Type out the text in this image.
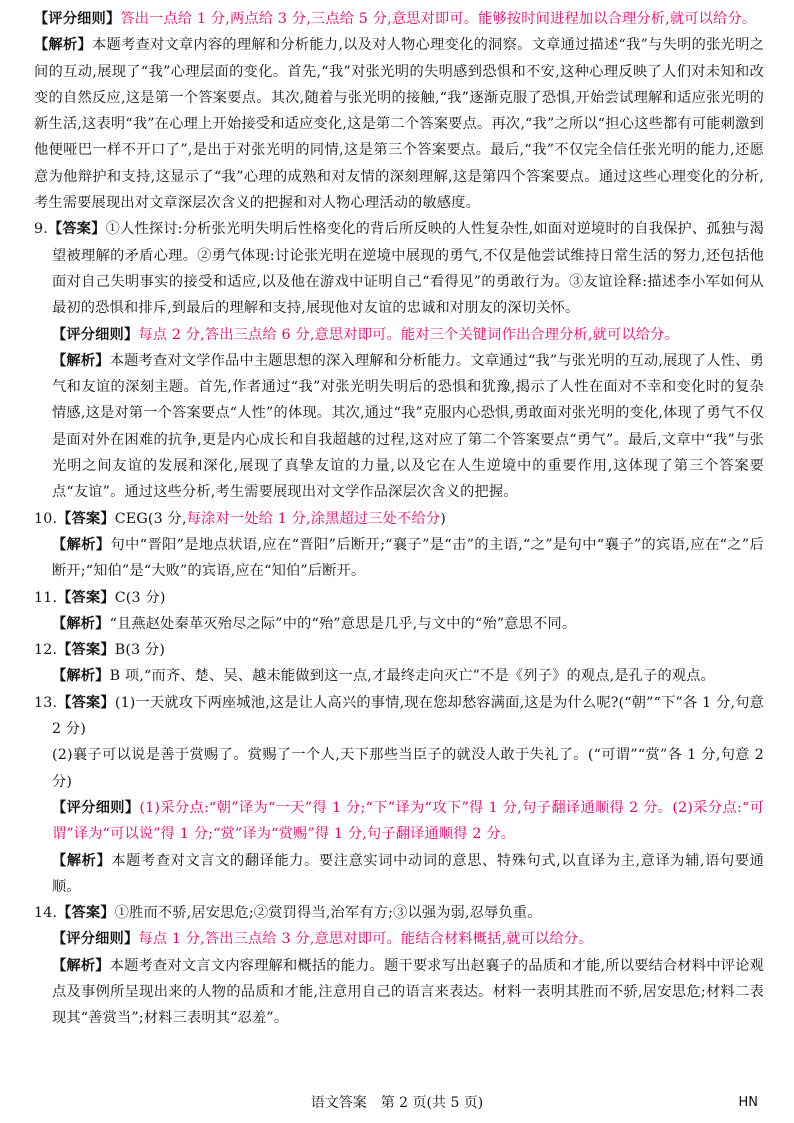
【评分细则】答出一点给 1 分,两点给 3 分,三点给 5 分,意思对即可。能够按时间进程加以合理分析,就可以给分。

【解析】本题考查对文章内容的理解和分析能力,以及对人物心理变化的洞察。文章通过描述“我”与失明的张光明之间的互动,展现了“我”心理层面的变化。首先,“我”对张光明的失明感到恐惧和不安,这种心理反映了人们对未知和改变的自然反应,这是第一个答案要点。其次,随着与张光明的接触,“我”逐渐克服了恐惧,开始尝试理解和适应张光明的新生活,这表明“我”在心理上开始接受和适应变化,这是第二个答案要点。再次,“我”之所以“担心这些都有可能刺激到他便哑巴一样不开口了”,是出于对张光明的同情,这是第三个答案要点。最后,“我”不仅完全信任张光明的能力,还愿意为他辩护和支持,这显示了“我”心理的成熟和对友情的深刻理解,这是第四个答案要点。通过这些心理变化的分析,考生需要展现出对文章深层次含义的把握和对人物心理活动的敏感度。

9.【答案】①人性探讨:分析张光明失明后性格变化的背后所反映的人性复杂性,如面对逆境时的自我保护、孤独与渴望被理解的矛盾心理。②勇气体现:讨论张光明在逆境中展现的勇气,不仅是他尝试维持日常生活的努力,还包括他面对自己失明事实的接受和适应,以及他在游戏中证明自己“看得见”的勇敢行为。③友谊诠释:描述李小军如何从最初的恐惧和排斥,到最后的理解和支持,展现他对友谊的忠诚和对朋友的深切关怀。

【评分细则】每点 2 分,答出三点给 6 分,意思对即可。能对三个关键词作出合理分析,就可以给分。

【解析】本题考查对文学作品中主题思想的深入理解和分析能力。文章通过“我”与张光明的互动,展现了人性、勇气和友谊的深刻主题。首先,作者通过“我”对张光明失明后的恐惧和犹豫,揭示了人性在面对不幸和变化时的复杂情感,这是对第一个答案要点“人性”的体现。其次,通过“我”克服内心恐惧,勇敢面对张光明的变化,体现了勇气不仅是面对外在困难的抗争,更是内心成长和自我超越的过程,这对应了第二个答案要点“勇气”。最后,文章中“我”与张光明之间友谊的发展和深化,展现了真挚友谊的力量,以及它在人生逆境中的重要作用,这体现了第三个答案要点“友谊”。通过这些分析,考生需要展现出对文学作品深层次含义的把握。

10.【答案】CEG(3 分,每涂对一处给 1 分,涂黑超过三处不给分)

【解析】句中“晋阳”是地点状语,应在“晋阳”后断开;“襄子”是“击”的主语,“之”是句中“襄子”的宾语,应在“之”后断开;“知伯”是“大败”的宾语,应在“知伯”后断开。

11.【答案】C(3 分)

【解析】“且燕赵处秦革灭殆尽之际”中的“殆”意思是几乎,与文中的“殆”意思不同。

12.【答案】B(3 分)

【解析】B 项,“而齐、楚、吴、越未能做到这一点,才最终走向灭亡”不是《列子》的观点,是孔子的观点。

13.【答案】(1)一天就攻下两座城池,这是让人高兴的事情,现在您却愁容满面,这是为什么呢?(“朝”“下”各 1 分,句意 2 分)

(2)襄子可以说是善于赏赐了。赏赐了一个人,天下那些当臣子的就没人敢于失礼了。(“可谓”“赏”各 1 分,句意 2 分)

【评分细则】(1)采分点:“朝”译为“一天”得 1 分;“下”译为“攻下”得 1 分,句子翻译通顺得 2 分。(2)采分点:“可谓”译为“可以说”得 1 分;“赏”译为“赏赐”得 1 分,句子翻译通顺得 2 分。

【解析】本题考查对文言文的翻译能力。要注意实词中动词的意思、特殊句式,以直译为主,意译为辅,语句要通顺。

14.【答案】①胜而不骄,居安思危;②赏罚得当,治军有方;③以强为弱,忍辱负重。

【评分细则】每点 1 分,答出三点给 3 分,意思对即可。能结合材料概括,就可以给分。

【解析】本题考查对文言文内容理解和概括的能力。题干要求写出赵襄子的品质和才能,所以要结合材料中评论观点及事例所呈现出来的人物的品质和才能,注意用自己的语言来表达。材料一表明其胜而不骄,居安思危;材料二表现其“善赏当”;材料三表明其“忍羞”。

语文答案　第 2 页(共 5 页)	HN
